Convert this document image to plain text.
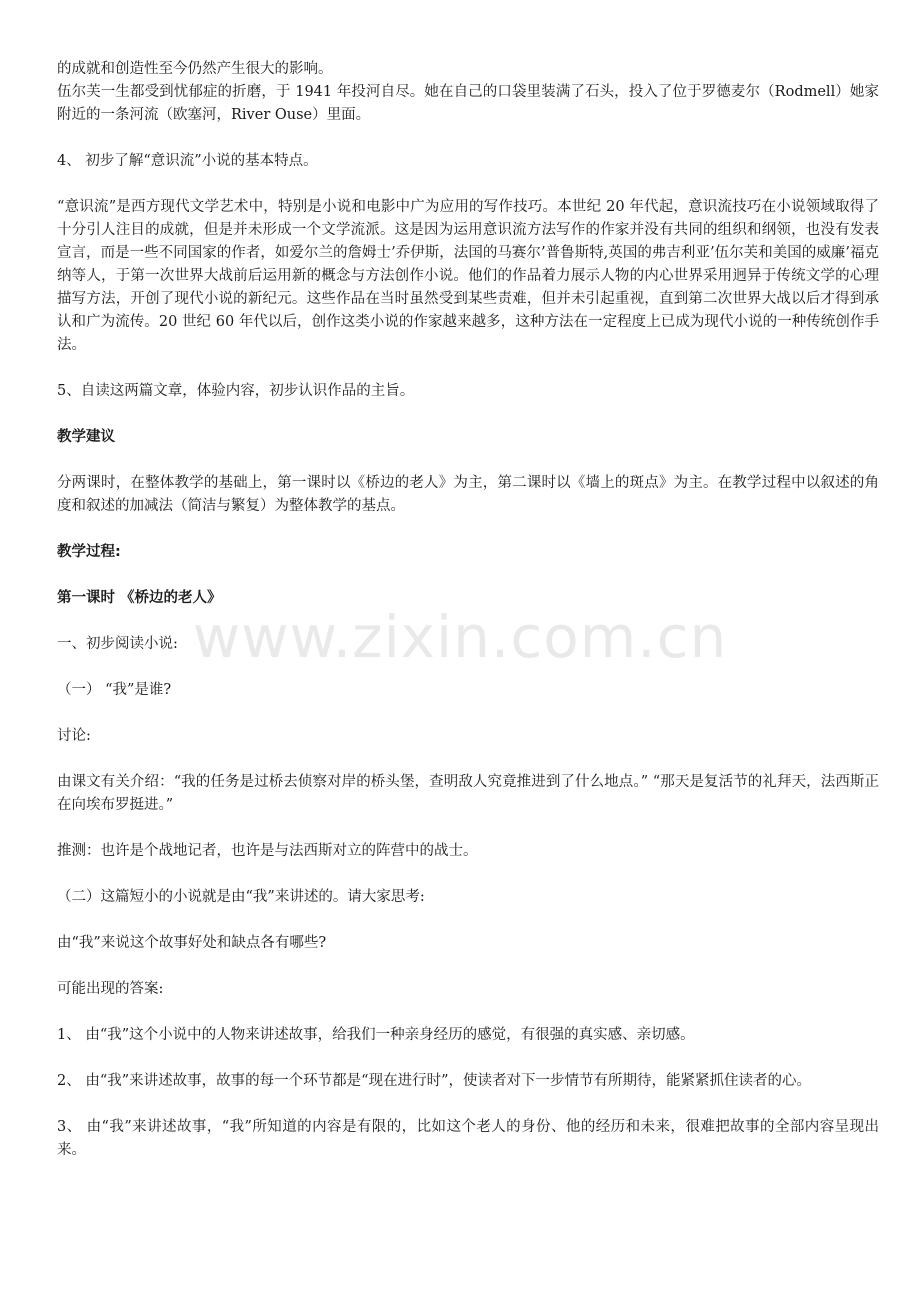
的成就和创造性至今仍然产生很大的影响。

伍尔芙一生都受到忧郁症的折磨，于 1941 年投河自尽。她在自己的口袋里装满了石头，投入了位于罗德麦尔（Rodmell）她家附近的一条河流（欧塞河，River Ouse）里面。

4、 初步了解“意识流”小说的基本特点。

“意识流”是西方现代文学艺术中，特别是小说和电影中广为应用的写作技巧。本世纪 20 年代起，意识流技巧在小说领域取得了十分引人注目的成就，但是并未形成一个文学流派。这是因为运用意识流方法写作的作家并没有共同的组织和纲领，也没有发表宣言，而是一些不同国家的作者，如爱尔兰的詹姆士’乔伊斯，法国的马赛尔’普鲁斯特,英国的弗吉利亚’伍尔芙和美国的威廉’福克纳等人，于第一次世界大战前后运用新的概念与方法创作小说。他们的作品着力展示人物的内心世界采用迥异于传统文学的心理描写方法，开创了现代小说的新纪元。这些作品在当时虽然受到某些责难，但并未引起重视，直到第二次世界大战以后才得到承认和广为流传。20 世纪 60 年代以后，创作这类小说的作家越来越多，这种方法在一定程度上已成为现代小说的一种传统创作手法。

5、自读这两篇文章，体验内容，初步认识作品的主旨。

教学建议

分两课时，在整体教学的基础上，第一课时以《桥边的老人》为主，第二课时以《墙上的斑点》为主。在教学过程中以叙述的角度和叙述的加减法（简洁与繁复）为整体教学的基点。

教学过程:

第一课时 《桥边的老人》

一、初步阅读小说:

（一） “我”是谁?

讨论:

由课文有关介绍：“我的任务是过桥去侦察对岸的桥头堡，查明敌人究竟推进到了什么地点。” “那天是复活节的礼拜天，法西斯正在向埃布罗挺进。”

推测：也许是个战地记者，也许是与法西斯对立的阵营中的战士。

（二）这篇短小的小说就是由“我”来讲述的。请大家思考:

由“我”来说这个故事好处和缺点各有哪些?

可能出现的答案:

1、 由“我”这个小说中的人物来讲述故事，给我们一种亲身经历的感觉，有很强的真实感、亲切感。

2、 由“我”来讲述故事，故事的每一个环节都是“现在进行时”，使读者对下一步情节有所期待，能紧紧抓住读者的心。

3、 由“我”来讲述故事，“我”所知道的内容是有限的，比如这个老人的身份、他的经历和未来，很难把故事的全部内容呈现出来。

www.zixin.com.cn
